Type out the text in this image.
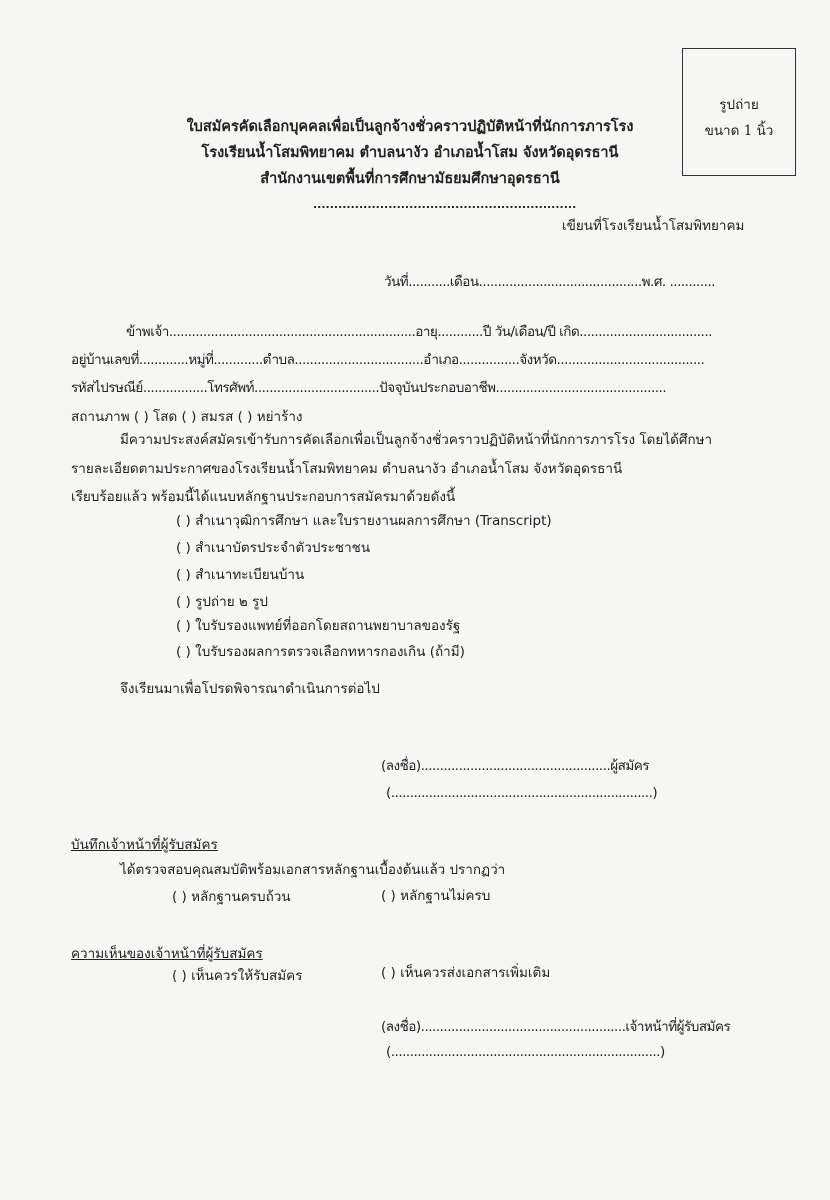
รูปถ่าย
ขนาด 1 นิ้ว
ใบสมัครคัดเลือกบุคคลเพื่อเป็นลูกจ้างชั่วคราวปฏิบัติหน้าที่นักการภารโรง
โรงเรียนน้ำโสมพิทยาคม ตำบลนางัว อำเภอน้ำโสม จังหวัดอุดรธานี
สำนักงานเขตพื้นที่การศึกษามัธยมศึกษาอุดรธานี
...............................................................
เขียนที่โรงเรียนน้ำโสมพิทยาคม
วันที่...........เดือน...........................................พ.ศ. ............
ข้าพเจ้า.................................................................อายุ............ปี วัน/เดือน/ปี เกิด...................................
อยู่บ้านเลขที่.............หมู่ที่.............ตำบล..................................อำเภอ................จังหวัด.......................................
รหัสไปรษณีย์.................โทรศัพท์.................................ปัจจุบันประกอบอาชีพ.............................................
สถานภาพ ( ) โสด ( ) สมรส ( ) หย่าร้าง
มีความประสงค์สมัครเข้ารับการคัดเลือกเพื่อเป็นลูกจ้างชั่วคราวปฏิบัติหน้าที่นักการภารโรง โดยได้ศึกษา
รายละเอียดตามประกาศของโรงเรียนน้ำโสมพิทยาคม ตำบลนางัว อำเภอน้ำโสม จังหวัดอุดรธานี
เรียบร้อยแล้ว พร้อมนี้ได้แนบหลักฐานประกอบการสมัครมาด้วยดังนี้
( ) สำเนาวุฒิการศึกษา และใบรายงานผลการศึกษา (Transcript)
( ) สำเนาบัตรประจำตัวประชาชน
( ) สำเนาทะเบียนบ้าน
( ) รูปถ่าย ๒ รูป
( ) ใบรับรองแพทย์ที่ออกโดยสถานพยาบาลของรัฐ
( ) ใบรับรองผลการตรวจเลือกทหารกองเกิน (ถ้ามี)
จึงเรียนมาเพื่อโปรดพิจารณาดำเนินการต่อไป
(ลงชื่อ)..................................................ผู้สมัคร
(.....................................................................)
บันทึกเจ้าหน้าที่ผู้รับสมัคร
ได้ตรวจสอบคุณสมบัติพร้อมเอกสารหลักฐานเบื้องต้นแล้ว ปรากฏว่า
( ) หลักฐานครบถ้วน	( ) หลักฐานไม่ครบ
ความเห็นของเจ้าหน้าที่ผู้รับสมัคร
( ) เห็นควรให้รับสมัคร	( ) เห็นควรส่งเอกสารเพิ่มเติม
(ลงชื่อ)......................................................เจ้าหน้าที่ผู้รับสมัคร
(.......................................................................)
